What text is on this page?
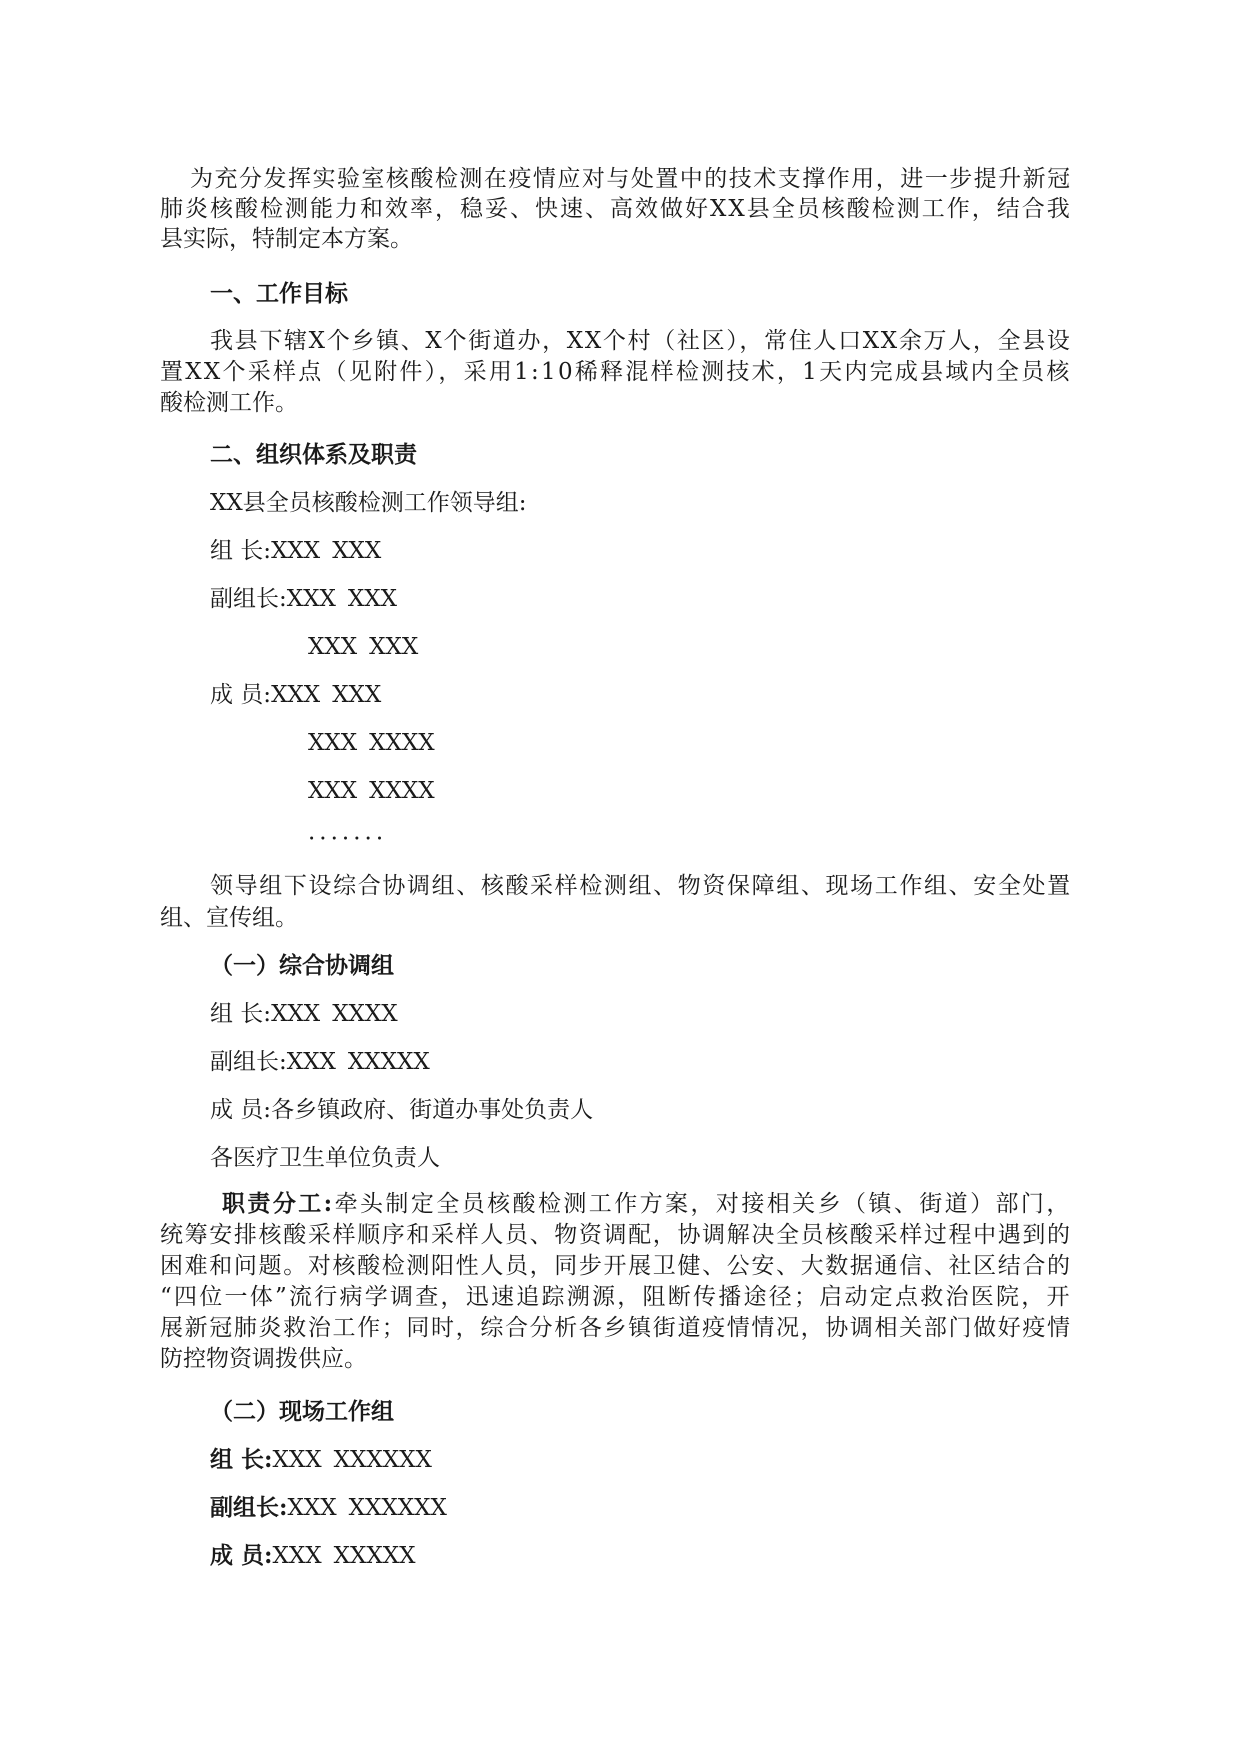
为充分发挥实验室核酸检测在疫情应对与处置中的技术支撑作用，进一步提升新冠
肺炎核酸检测能力和效率，稳妥、快速、高效做好XX县全员核酸检测工作，结合我
县实际，特制定本方案。
一、工作目标
我县下辖X个乡镇、X个街道办，XX个村（社区），常住人口XX余万人，全县设
置XX个采样点（见附件），采用1:10稀释混样检测技术，1天内完成县域内全员核
酸检测工作。
二、组织体系及职责
XX县全员核酸检测工作领导组:
组 长:XXX XXX
副组长:XXX XXX
XXX XXX
成 员:XXX XXX
XXX XXXX
XXX XXXX
·······
领导组下设综合协调组、核酸采样检测组、物资保障组、现场工作组、安全处置
组、宣传组。
（一）综合协调组
组 长:XXX XXXX
副组长:XXX XXXXX
成 员:各乡镇政府、街道办事处负责人
各医疗卫生单位负责人
职责分工:牵头制定全员核酸检测工作方案，对接相关乡（镇、街道）部门，
统筹安排核酸采样顺序和采样人员、物资调配，协调解决全员核酸采样过程中遇到的
困难和问题。对核酸检测阳性人员，同步开展卫健、公安、大数据通信、社区结合的
“四位一体”流行病学调查，迅速追踪溯源，阻断传播途径；启动定点救治医院，开
展新冠肺炎救治工作；同时，综合分析各乡镇街道疫情情况，协调相关部门做好疫情
防控物资调拨供应。
（二）现场工作组
组 长:XXX XXXXXX
副组长:XXX XXXXXX
成 员:XXX XXXXX
